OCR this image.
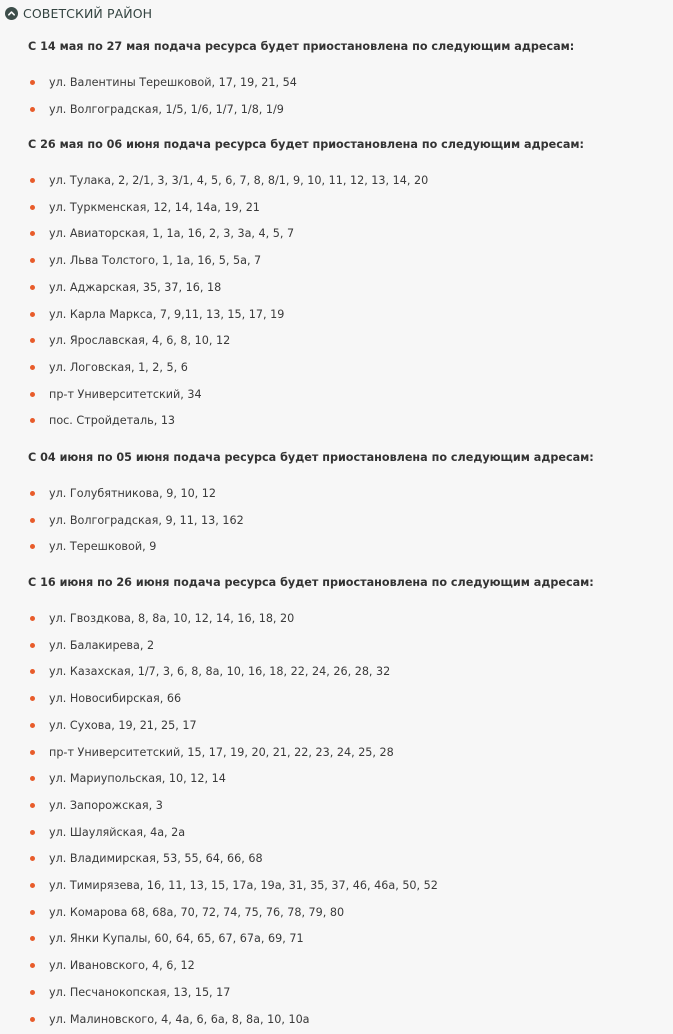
СОВЕТСКИЙ РАЙОН
С 14 мая по 27 мая подача ресурса будет приостановлена по следующим адресам:
ул. Валентины Терешковой, 17, 19, 21, 54
ул. Волгоградская, 1/5, 1/6, 1/7, 1/8, 1/9
С 26 мая по 06 июня подача ресурса будет приостановлена по следующим адресам:
ул. Тулака, 2, 2/1, 3, 3/1, 4, 5, 6, 7, 8, 8/1, 9, 10, 11, 12, 13, 14, 20
ул. Туркменская, 12, 14, 14а, 19, 21
ул. Авиаторская, 1, 1а, 16, 2, 3, 3а, 4, 5, 7
ул. Льва Толстого, 1, 1а, 16, 5, 5а, 7
ул. Аджарская, 35, 37, 16, 18
ул. Карла Маркса, 7, 9,11, 13, 15, 17, 19
ул. Ярославская, 4, 6, 8, 10, 12
ул. Логовская, 1, 2, 5, 6
пр-т Университетский, 34
пос. Стройдеталь, 13
С 04 июня по 05 июня подача ресурса будет приостановлена по следующим адресам:
ул. Голубятникова, 9, 10, 12
ул. Волгоградская, 9, 11, 13, 162
ул. Терешковой, 9
С 16 июня по 26 июня подача ресурса будет приостановлена по следующим адресам:
ул. Гвоздкова, 8, 8а, 10, 12, 14, 16, 18, 20
ул. Балакирева, 2
ул. Казахская, 1/7, 3, 6, 8, 8а, 10, 16, 18, 22, 24, 26, 28, 32
ул. Новосибирская, 66
ул. Сухова, 19, 21, 25, 17
пр-т Университетский, 15, 17, 19, 20, 21, 22, 23, 24, 25, 28
ул. Мариупольская, 10, 12, 14
ул. Запорожская, 3
ул. Шауляйская, 4а, 2а
ул. Владимирская, 53, 55, 64, 66, 68
ул. Тимирязева, 16, 11, 13, 15, 17а, 19а, 31, 35, 37, 46, 46а, 50, 52
ул. Комарова 68, 68а, 70, 72, 74, 75, 76, 78, 79, 80
ул. Янки Купалы, 60, 64, 65, 67, 67а, 69, 71
ул. Ивановского, 4, 6, 12
ул. Песчанокопская, 13, 15, 17
ул. Малиновского, 4, 4а, 6, 6а, 8, 8а, 10, 10а
